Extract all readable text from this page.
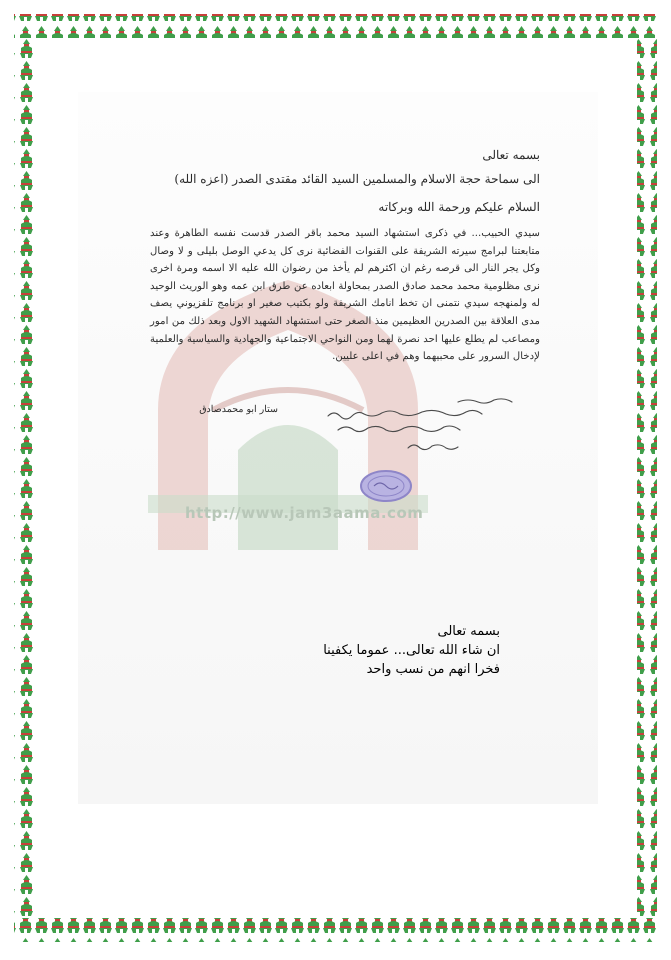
http://www.jam3aama.com
بسمه تعالى
الى سماحة حجة الاسلام والمسلمين السيد القائد مقتدى الصدر (اعزه الله)
السلام عليكم ورحمة الله وبركاته
سيدي الحبيب... في ذكرى استشهاد السيد محمد باقر الصدر قدست نفسه الطاهرة وعند متابعتنا لبرامج سيرته الشريفة على القنوات الفضائية نرى كل يدعي الوصل بليلى و لا وصال وكل يجر النار الى قرصه رغم ان اكثرهم لم يأخذ من رضوان الله عليه الا اسمه ومرة اخرى نرى مظلومية محمد محمد صادق الصدر بمحاولة ابعاده عن طرق ابن عمه وهو الوريث الوحيد له ولمنهجه سيدي نتمنى ان تخط انامك الشريفة ولو بكتيب صغير او برنامج تلفزيوني يصف مدى العلاقة بين الصدرين العظيمين منذ الصغر حتى استشهاد الشهيد الاول وبعد ذلك من امور ومصاعب لم يطلع عليها احد نصرة لهما ومن النواحي الاجتماعية والجهادية والسياسية والعلمية لإدخال السرور على محبيهما وهم في اعلى عليين.
ستار ابو محمدصادق
بسمه تعالى
ان شاء الله تعالى... عموما يكفينا
فخرا انهم من نسب واحد
